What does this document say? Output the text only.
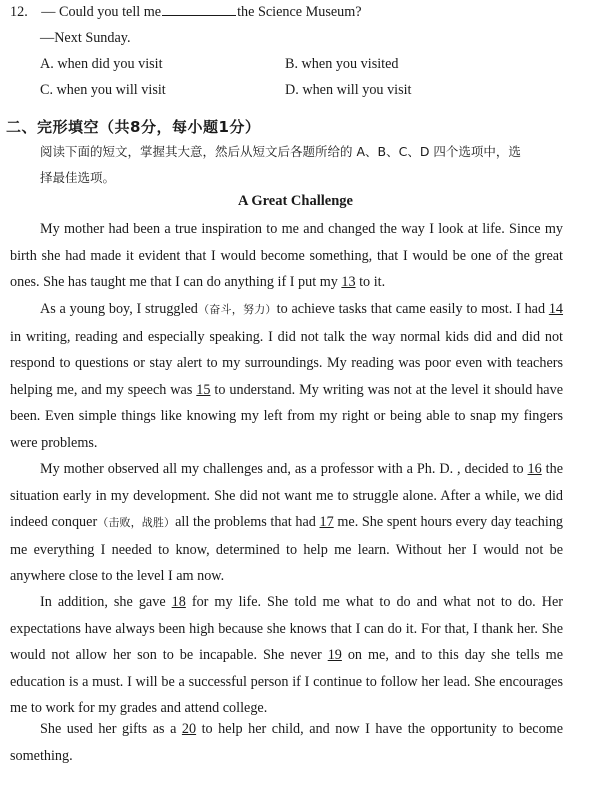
12. — Could you tell me	the Science Museum?
—Next Sunday.
A. when did you visit	B. when you visited
C. when you will visit	D. when will you visit
二、完形填空（共8分，每小题1分）
阅读下面的短文，掌握其大意，然后从短文后各题所给的 A、B、C、D 四个选项中，选
择最佳选项。
A Great Challenge

My mother had been a true inspiration to me and changed the way I look at life. Since my birth she had made it evident that I would become something, that I would be one of the great ones. She has taught me that I can do anything if I put my 13 to it.

As a young boy, I struggled（奋斗，努力）to achieve tasks that came easily to most. I had 14 in writing, reading and especially speaking. I did not talk the way normal kids did and did not respond to questions or stay alert to my surroundings. My reading was poor even with teachers helping me, and my speech was 15 to understand. My writing was not at the level it should have been. Even simple things like knowing my left from my right or being able to snap my fingers were problems.

My mother observed all my challenges and, as a professor with a Ph. D. , decided to 16 the situation early in my development. She did not want me to struggle alone. After a while, we did indeed conquer（击败，战胜）all the problems that had 17 me. She spent hours every day teaching me everything I needed to know, determined to help me learn. Without her I would not be anywhere close to the level I am now.

In addition, she gave 18 for my life. She told me what to do and what not to do. Her expectations have always been high because she knows that I can do it. For that, I thank her. She would not allow her son to be incapable. She never 19 on me, and to this day she tells me education is a must. I will be a successful person if I continue to follow her lead. She encourages me to work for my grades and attend college.

She used her gifts as a 20 to help her child, and now I have the opportunity to become something.
